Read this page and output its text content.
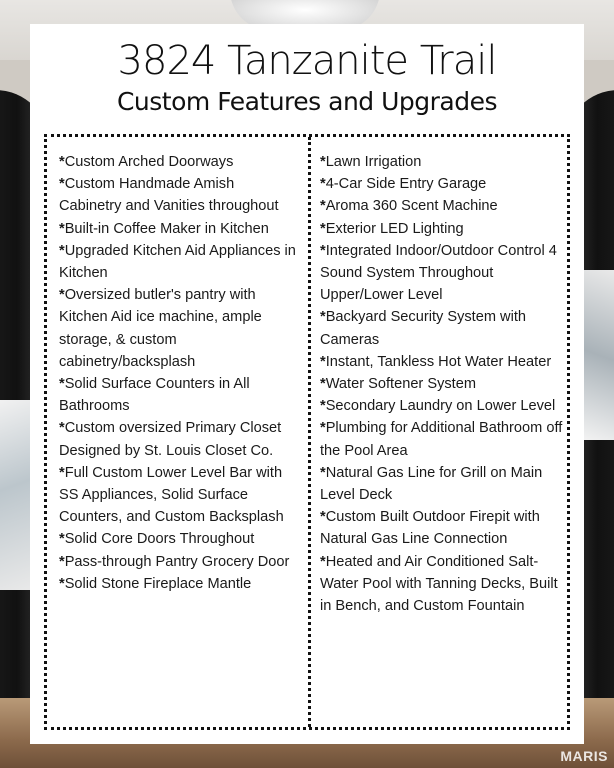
3824 Tanzanite Trail
Custom Features and Upgrades
*Custom Arched Doorways
*Custom Handmade Amish Cabinetry and Vanities throughout
*Built-in Coffee Maker in Kitchen
*Upgraded Kitchen Aid Appliances in Kitchen
*Oversized butler's pantry with Kitchen Aid ice machine, ample storage, & custom cabinetry/backsplash
*Solid Surface Counters in All Bathrooms
*Custom oversized Primary Closet Designed by St. Louis Closet Co.
*Full Custom Lower Level Bar with SS Appliances, Solid Surface Counters, and Custom Backsplash
*Solid Core Doors Throughout
*Pass-through Pantry Grocery Door
*Solid Stone Fireplace Mantle
*Lawn Irrigation
*4-Car Side Entry Garage
*Aroma 360 Scent Machine
*Exterior LED Lighting
*Integrated Indoor/Outdoor Control 4 Sound System Throughout Upper/Lower Level
*Backyard Security System with Cameras
*Instant, Tankless Hot Water Heater
*Water Softener System
*Secondary Laundry on Lower Level
*Plumbing for Additional Bathroom off the Pool Area
*Natural Gas Line for Grill on Main Level Deck
*Custom Built Outdoor Firepit with Natural Gas Line Connection
*Heated and Air Conditioned Salt-Water Pool with Tanning Decks, Built in Bench, and Custom Fountain
MARIS
